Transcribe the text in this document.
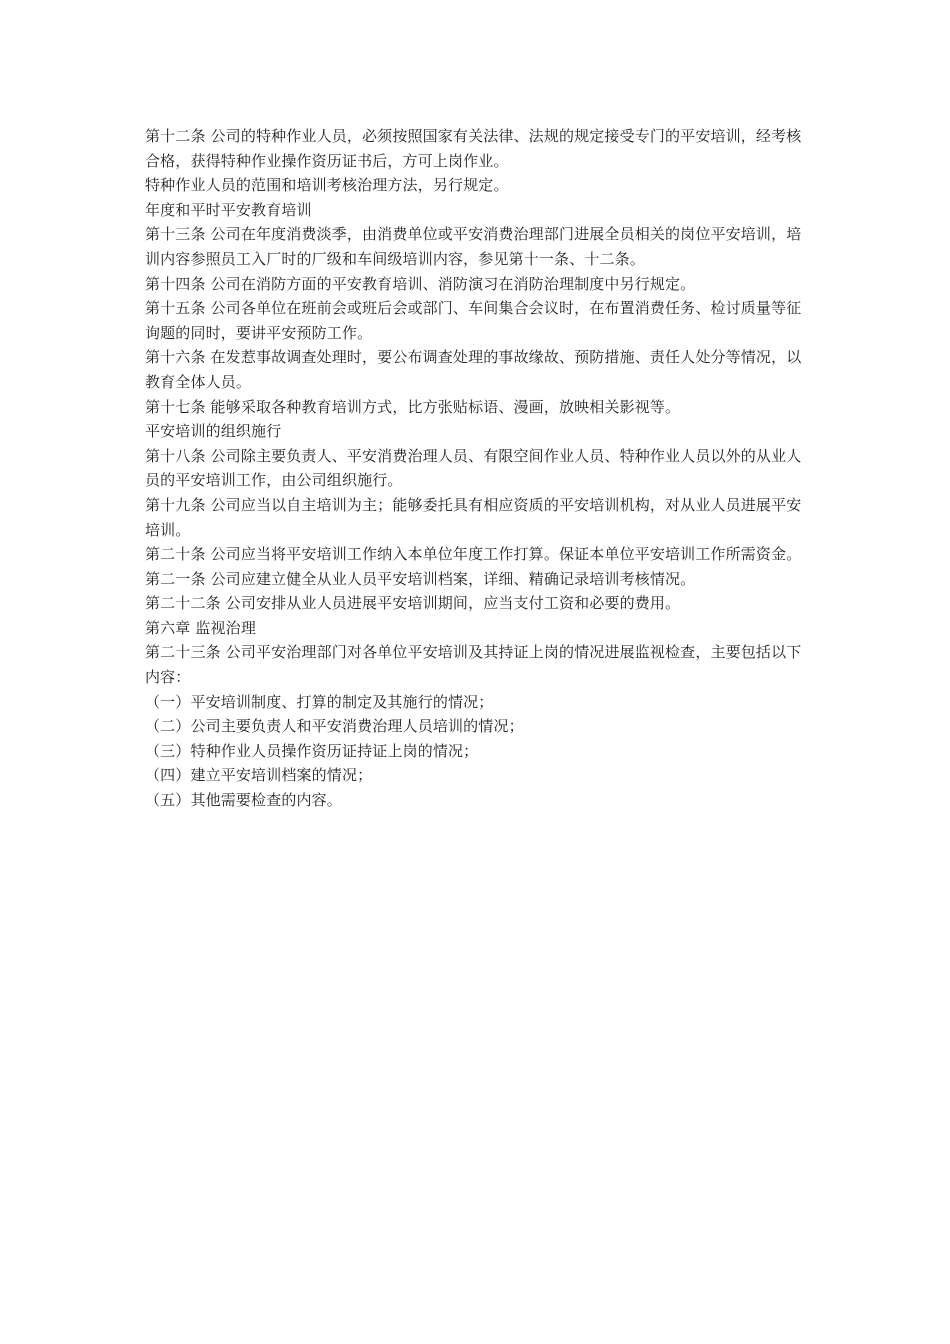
第十二条 公司的特种作业人员，必须按照国家有关法律、法规的规定接受专门的平安培训，经考核合格，获得特种作业操作资历证书后，方可上岗作业。

特种作业人员的范围和培训考核治理方法，另行规定。

年度和平时平安教育培训

第十三条 公司在年度消费淡季，由消费单位或平安消费治理部门进展全员相关的岗位平安培训，培训内容参照员工入厂时的厂级和车间级培训内容，参见第十一条、十二条。

第十四条 公司在消防方面的平安教育培训、消防演习在消防治理制度中另行规定。

第十五条 公司各单位在班前会或班后会或部门、车间集合会议时，在布置消费任务、检讨质量等征询题的同时，要讲平安预防工作。

第十六条 在发惹事故调查处理时，要公布调查处理的事故缘故、预防措施、责任人处分等情况，以教育全体人员。

第十七条 能够采取各种教育培训方式，比方张贴标语、漫画，放映相关影视等。

平安培训的组织施行

第十八条 公司除主要负责人、平安消费治理人员、有限空间作业人员、特种作业人员以外的从业人员的平安培训工作，由公司组织施行。

第十九条 公司应当以自主培训为主；能够委托具有相应资质的平安培训机构，对从业人员进展平安培训。

第二十条 公司应当将平安培训工作纳入本单位年度工作打算。保证本单位平安培训工作所需资金。

第二一条 公司应建立健全从业人员平安培训档案，详细、精确记录培训考核情况。

第二十二条 公司安排从业人员进展平安培训期间，应当支付工资和必要的费用。

第六章 监视治理

第二十三条 公司平安治理部门对各单位平安培训及其持证上岗的情况进展监视检查，主要包括以下内容：

（一）平安培训制度、打算的制定及其施行的情况；

（二）公司主要负责人和平安消费治理人员培训的情况；

（三）特种作业人员操作资历证持证上岗的情况；

（四）建立平安培训档案的情况；

（五）其他需要检查的内容。
